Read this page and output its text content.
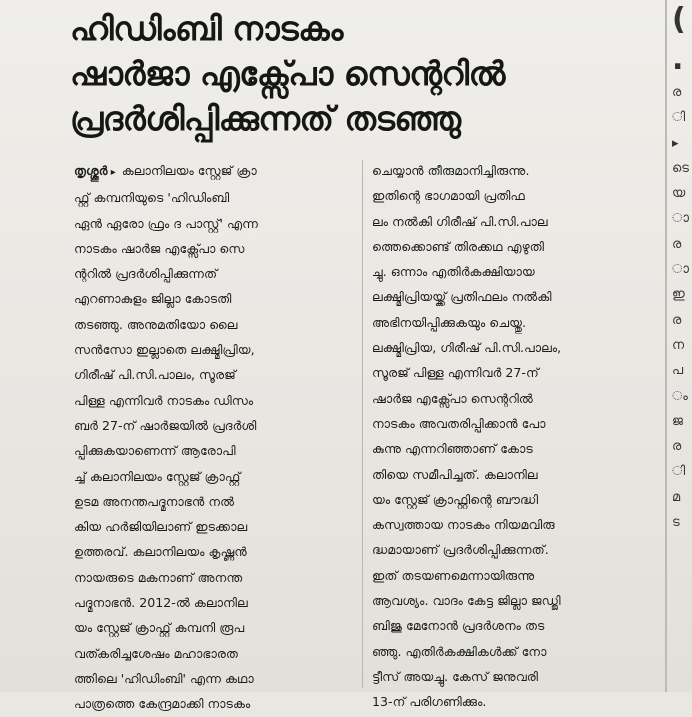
ഹിഡിംബി നാടകം
ഷാർജാ എക്സ്പോ സെന്ററിൽ
പ്രദർശിപ്പിക്കുന്നത് തടഞ്ഞു
തൃശ്ശൂർ ▸ കലാനിലയം സ്റ്റേജ് ക്രാ
ഫ്റ്റ് കമ്പനിയുടെ 'ഹിഡിംബി
ഏൻ ഏരോ ഫ്രം ദ പാസ്റ്റ്' എന്ന
നാടകം ഷാർജ എക്സ്പോ സെ
ന്ററിൽ പ്രദർശിപ്പിക്കുന്നത്
എറണാകുളം ജില്ലാ കോടതി
തടഞ്ഞു. അനുമതിയോ ലൈ
സൻസോ ഇല്ലാതെ ലക്ഷ്മിപ്രിയ,
ഗിരീഷ് പി.സി.പാലം, സൂരജ്
പിള്ള എന്നിവർ നാടകം ഡിസം
ബർ 27-ന് ഷാർജയിൽ പ്രദർശി
പ്പിക്കുകയാണെന്ന് ആരോപി
ച്ച് കലാനിലയം സ്റ്റേജ് ക്രാഫ്റ്റ്
ഉടമ അനന്തപദ്മനാഭൻ നൽ
കിയ ഹർജിയിലാണ് ഇടക്കാല
ഉത്തരവ്. കലാനിലയം കൃഷ്ണൻ
നായരുടെ മകനാണ് അനന്ത
പദ്മനാഭൻ. 2012-ൽ കലാനില
യം സ്റ്റേജ് ക്രാഫ്റ്റ് കമ്പനി രൂപ
വത്കരിച്ചശേഷം മഹാഭാരത
ത്തിലെ 'ഹിഡിംബി' എന്ന കഥാ
പാത്രത്തെ കേന്ദ്രമാക്കി നാടകം
ചെയ്യാൻ തീരുമാനിച്ചിരുന്നു.
ഇതിന്റെ ഭാഗമായി പ്രതിഫ
ലം നൽകി ഗിരീഷ് പി.സി.പാല
ത്തെക്കൊണ്ട് തിരക്കഥ എഴുതി
ച്ചു. ഒന്നാം എതിർകക്ഷിയായ
ലക്ഷ്മിപ്രിയയ്ക്ക് പ്രതിഫലം നൽകി
അഭിനയിപ്പിക്കുകയും ചെയ്തു.
ലക്ഷ്മിപ്രിയ, ഗിരീഷ് പി.സി.പാലം,
സൂരജ് പിള്ള എന്നിവർ 27-ന്
ഷാർജ എക്സ്പോ സെന്ററിൽ
നാടകം അവതരിപ്പിക്കാൻ പോ
കുന്നു എന്നറിഞ്ഞാണ് കോട
തിയെ സമീപിച്ചത്. കലാനില
യം സ്റ്റേജ് ക്രാഫ്റ്റിന്റെ ബൗദ്ധി
കസ്വത്തായ നാടകം നിയമവിരു
ദ്ധമായാണ് പ്രദർശിപ്പിക്കുന്നത്.
ഇത് തടയണമെന്നായിരുന്നു
ആവശ്യം. വാദം കേട്ട ജില്ലാ ജഡ്ജി
ബിജു മേനോൻ പ്രദർശനം തട
ഞ്ഞു. എതിർകക്ഷികൾക്ക് നോ
ട്ടീസ് അയച്ചു. കേസ് ജനുവരി
13-ന് പരിഗണിക്കും.
(
.
ര
ി
▸
ടെ
യ
ാ
ര
ാ
ഇ
ര
ന
പ
ം
ജ
ര
ി
മ
ട
